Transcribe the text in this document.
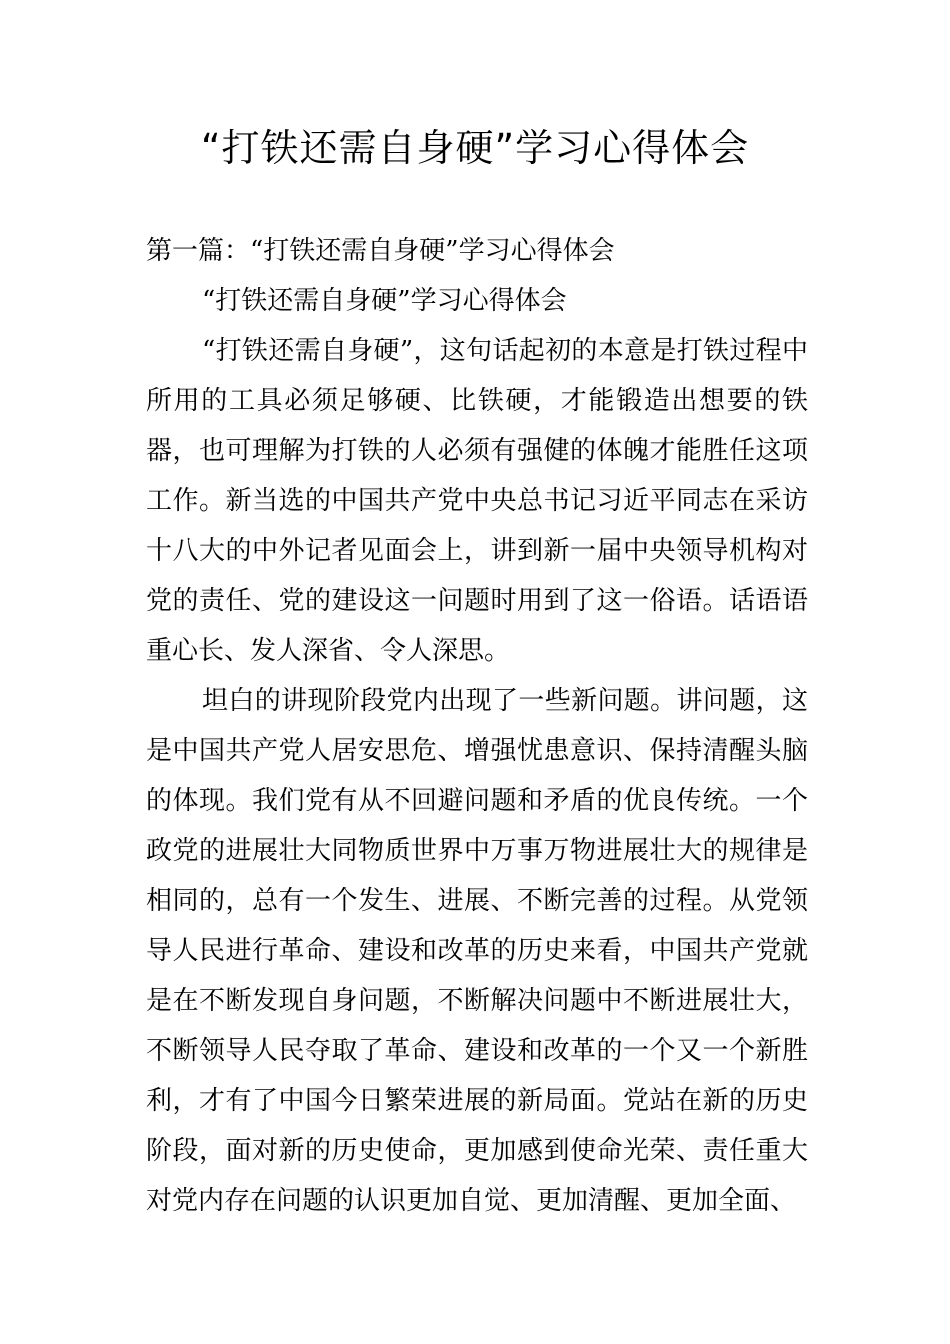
“打铁还需自身硬”学习心得体会

第一篇：“打铁还需自身硬”学习心得体会

“打铁还需自身硬”学习心得体会

“打铁还需自身硬”，这句话起初的本意是打铁过程中所用的工具必须足够硬、比铁硬，才能锻造出想要的铁器，也可理解为打铁的人必须有强健的体魄才能胜任这项工作。新当选的中国共产党中央总书记习近平同志在采访十八大的中外记者见面会上，讲到新一届中央领导机构对党的责任、党的建设这一问题时用到了这一俗语。话语语重心长、发人深省、令人深思。

坦白的讲现阶段党内出现了一些新问题。讲问题，这是中国共产党人居安思危、增强忧患意识、保持清醒头脑的体现。我们党有从不回避问题和矛盾的优良传统。一个政党的进展壮大同物质世界中万事万物进展壮大的规律是相同的，总有一个发生、进展、不断完善的过程。从党领导人民进行革命、建设和改革的历史来看，中国共产党就是在不断发现自身问题，不断解决问题中不断进展壮大，不断领导人民夺取了革命、建设和改革的一个又一个新胜利，才有了中国今日繁荣进展的新局面。党站在新的历史阶段，面对新的历史使命，更加感到使命光荣、责任重大对党内存在问题的认识更加自觉、更加清醒、更加全面、
